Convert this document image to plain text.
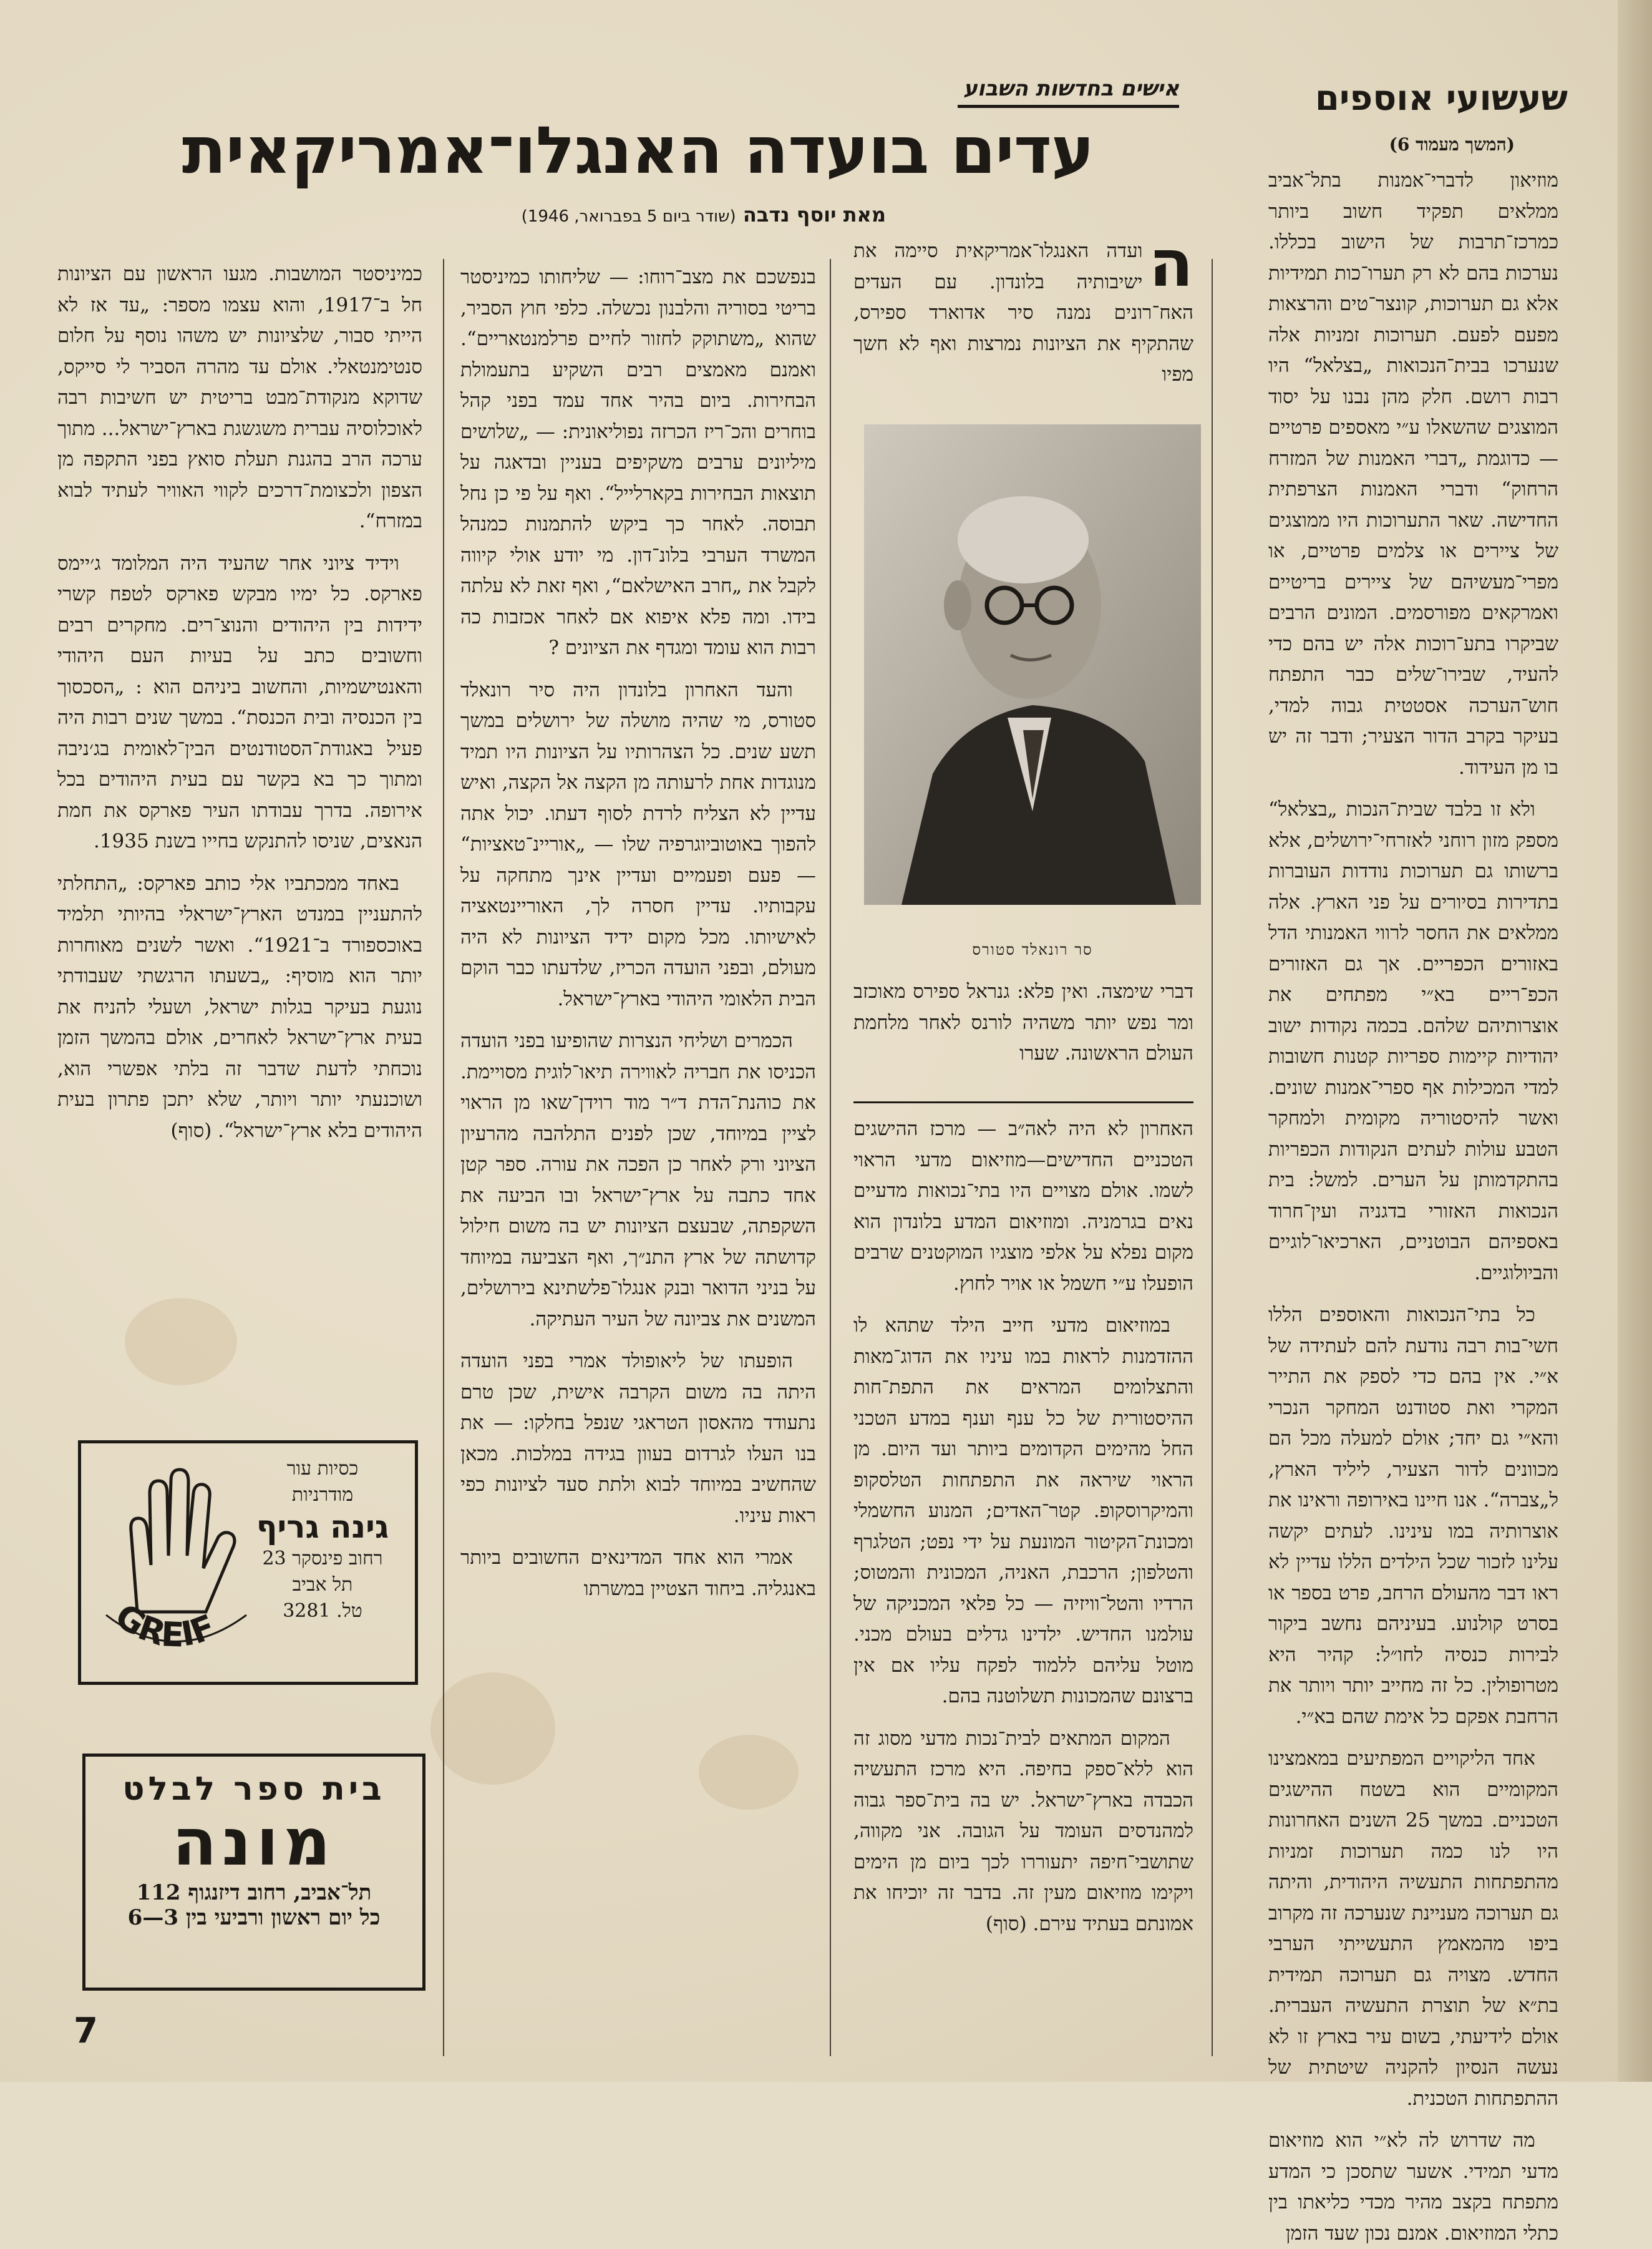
שעשועי אוספים
אישים בחדשות השבוע
עדים בועדה האנגלו־אמריקאית
מאת יוסף נדבה (שודר ביום 5 בפברואר, 1946)
(המשך מעמוד 6)

מוזיאון לדברי־אמנות בתל־אביב ממלאים תפקיד חשוב ביותר כמרכז־תרבות של הישוב בכללו. נערכות בהם לא רק תערו־כות תמידיות אלא גם תערוכות, קונצר־טים והרצאות מפעם לפעם. תערוכות זמניות אלה שנערכו בבית־הנכואות „בצלאל“ היו רבות רושם. חלק מהן נבנו על יסוד המוצגים שהשאלו ע״י מאספים פרטיים — כדוגמת „דברי האמנות של המזרח הרחוק“ ודברי האמנות הצרפתית החדישה. שאר התערוכות היו ממוצגים של ציירים או צלמים פרטיים, או מפרי־מעשיהם של ציירים בריטיים ואמרקאים מפורסמים. המונים הרבים שביקרו בתע־רוכות אלה יש בהם כדי להעיד, שבירו־שלים כבר התפתח חוש־הערכה אסטטית גבוה למדי, בעיקר בקרב הדור הצעיר; ודבר זה יש בו מן העידוד.

ולא זו בלבד שבית־הנכות „בצלאל“ מספק מזון רוחני לאזרחי־ירושלים, אלא ברשותו גם תערוכות נודדות העוברות בתדירות בסיורים על פני הארץ. אלה ממלאים את החסר לרווי האמנותי הדל באזורים הכפריים. אך גם האזורים הכפ־ריים בא״י מפתחים את אוצרותיהם שלהם. בכמה נקודות ישוב יהודיות קיימות ספריות קטנות חשובות למדי המכילות אף ספרי־אמנות שונים. ואשר להיסטוריה מקומית ולמחקר הטבע עולות לעתים הנקודות הכפריות בהתקדמותן על הערים. למשל: בית הנכואות האזורי בדגניה ועין־חרוד באספיהם הבוטניים, הארכיאו־לוגיים והביולוגיים.

כל בתי־הנכואות והאוספים הללו חשי־בות רבה נודעת להם לעתידה של א״י. אין בהם כדי לספק את התייר המקרי ואת סטודנט המחקר הנכרי והא״י גם יחד; אולם למעלה מכל הם מכוונים לדור הצעיר, ליליד הארץ, ל„צברה“. אנו חיינו באירופה וראינו את אוצרותיה במו עינינו. לעתים יקשה עלינו לזכור שכל הילדים הללו עדיין לא ראו דבר מהעולם הרחב, פרט בספר או בסרט קולנוע. בעיניהם נחשב ביקור לבירות כנסיה לחו״ל: קהיר היא מטרופולין. כל זה מחייב יותר ויותר את הרחבת אפקם כל אימת שהם בא״י.

אחד הליקויים המפתיעים במאמצינו המקומיים הוא בשטח ההישגים הטכניים. במשך 25 השנים האחרונות היו לנו כמה תערוכות זמניות מהתפתחות התעשיה היהודית, והיתה גם תערוכה מעניינת שנערכה זה מקרוב ביפו מהמאמץ התעשייתי הערבי החדש. מצויה גם תערוכה תמידית בת״א של תוצרת התעשיה העברית. אולם לידיעתי, בשום עיר בארץ זו לא נעשה הנסיון להקניה שיטתית של ההתפתחות הטכנית.

מה שדרוש לה לא״י הוא מוזיאום מדעי תמידי. אשער שתסכן כי המדע מתפתח בקצב מהיר מכדי כליאתו בין כתלי המוזיאום. אמנם נכון שעד הזמן

ה
ועדה האנגלו־אמריקאית סיימה את ישיבותיה בלונדון. עם העדים האח־רונים נמנה סיר אדוארד ספירס, שהתקיף את הציונות נמרצות ואף לא חשך מפיו

סר רונאלד סטורס

דברי שימצה. ואין פלא: גנראל ספירס מאוכזב ומר נפש יותר משהיה לורנס לאחר מלחמת העולם הראשונה. שערו

האחרון לא היה לאה״ב — מרכז ההישגים הטכניים החדישים—מוזיאום מדעי הראוי לשמו. אולם מצויים היו בתי־נכואות מדעיים נאים בגרמניה. ומוזיאום המדע בלונדון הוא מקום נפלא על אלפי מוצגיו המוקטנים שרבים הופעלו ע״י חשמל או אויר לחוץ.

במוזיאום מדעי חייב הילד שתהא לו ההזדמנות לראות במו עיניו את הדוג־מאות והתצלומים המראים את התפת־חות ההיסטורית של כל ענף וענף במדע הטכני החל מהימים הקדומים ביותר ועד היום. מן הראוי שיראה את התפתחות הטלסקופ והמיקרוסקופ. קטר־האדים; המנוע החשמלי ומכונת־הקיטור המונעת על ידי נפט; הטלגרף והטלפון; הרכבת, האניה, המכונית והמטוס; הרדיו והטל־וויזיה — כל פלאי המכניקה של עולמנו החדיש. ילדינו גדלים בעולם מכני. מוטל עליהם ללמוד לפקח עליו אם אין ברצונם שהמכונות תשלוטנה בהם.

המקום המתאים לבית־נכות מדעי מסוג זה הוא ללא־ספק בחיפה. היא מרכז התעשיה הכבדה בארץ־ישראל. יש בה בית־ספר גבוה למהנדסים העומד על הגובה. אני מקווה, שתושבי־חיפה יתעוררו לכך ביום מן הימים ויקימו מוזיאום מעין זה. בדבר זה יוכיחו את אמונתם בעתיד עירם. (סוף)

בנפשכם את מצב־רוחו: — שליחותו כמיניסטר בריטי בסוריה והלבנון נכשלה. כלפי חוץ הסביר, שהוא „משתוקק לחזור לחיים פרלמנטאריים“. ואמנם מאמצים רבים השקיע בתעמולת הבחירות. ביום בהיר אחד עמד בפני קהל בוחרים והכ־ריז הכרזה נפוליאונית: — „שלושים מיליונים ערבים משקיפים בעניין ובדאגה על תוצאות הבחירות בקארלייל“. ואף על פי כן נחל תבוסה. לאחר כך ביקש להתמנות כמנהל המשרד הערבי בלונ־דון. מי יודע אולי קיווה לקבל את „חרב האישלאם“, ואף זאת לא עלתה בידו. ומה פלא איפוא אם לאחר אכזבות כה רבות הוא עומד ומגדף את הציונים ?

והעד האחרון בלונדון היה סיר רונאלד סטורס, מי שהיה מושלה של ירושלים במשך תשע שנים. כל הצהרותיו על הציונות היו תמיד מנוגדות אחת לרעותה מן הקצה אל הקצה, ואיש עדיין לא הצליח לרדת לסוף דעתו. יכול אתה להפוך באוטוביוגרפיה שלו — „אוריינ־טאציות“ — פעם ופעמיים ועדיין אינך מתחקה על עקבותיו. עדיין חסרה לך, האוריינטאציה לאישיותו. מכל מקום ידיד הציונות לא היה מעולם, ובפני הועדה הכריז, שלדעתו כבר הוקם הבית הלאומי היהודי בארץ־ישראל.

הכמרים ושליחי הנצרות שהופיעו בפני הועדה הכניסו את חבריה לאווירה תיאו־לוגית מסויימת. את כוהנת־הדת ד״ר מוד רוידן־שאו מן הראוי לציין במיוחד, שכן לפנים התלהבה מהרעיון הציוני ורק לאחר כן הפכה את עורה. ספר קטן אחד כתבה על ארץ־ישראל ובו הביעה את השקפתה, שבעצם הציונות יש בה משום חילול קדושתה של ארץ התנ״ך, ואף הצביעה במיוחד על בניני הדואר ובנק אנגלו־פלשתינא בירושלים, המשנים את צביונה של העיר העתיקה.

הופעתו של ליאופולד אמרי בפני הועדה היתה בה משום הקרבה אישית, שכן טרם נתעודד מהאסון הטראגי שנפל בחלקו: — את בנו העלו לגרדום בעוון בגידה במלכות. מכאן שהחשיב במיוחד לבוא ולתת סעד לציונות כפי ראות עיניו.

אמרי הוא אחד המדינאים החשובים ביותר באנגליה. ביחוד הצטיין במשרתו

כמיניסטר המושבות. מגעו הראשון עם הציונות חל ב־1917, והוא עצמו מספר: „עד אז לא הייתי סבור, שלציונות יש משהו נוסף על חלום סנטימנטאלי. אולם עד מהרה הסביר לי סייקס, שדוקא מנקודת־מבט בריטית יש חשיבות רבה לאוכלוסיה עברית משגשגת בארץ־ישראל... מתוך ערכה הרב בהגנת תעלת סואץ בפני התקפה מן הצפון ולכצומת־דרכים לקווי האוויר לעתיד לבוא במזרח“.

וידיד ציוני אחר שהעיד היה המלומד ג׳יימס פארקס. כל ימיו מבקש פארקס לטפח קשרי ידידות בין היהודים והנוצ־רים. מחקרים רבים וחשובים כתב על בעיות העם היהודי והאנטישמיות, והחשוב ביניהם הוא : „הסכסוך בין הכנסיה ובית הכנסת“. במשך שנים רבות היה פעיל באגודת־הסטודנטים הבין־לאומית בג׳ניבה ומתוך כך בא בקשר עם בעית היהודים בכל אירופה. בדרך עבודתו העיר פארקס את חמת הנאצים, שניסו להתנקש בחייו בשנת 1935.

באחד ממכתביו אלי כותב פארקס: „התחלתי להתעניין במנדט הארץ־ישראלי בהיותי תלמיד באוכספורד ב־1921“. ואשר לשנים מאוחרות יותר הוא מוסיף: „בשעתו הרגשתי שעבודתי נוגעת בעיקר בגלות ישראל, ושעלי להניח את בעית ארץ־ישראל לאחרים, אולם בהמשך הזמן נוכחתי לדעת שדבר זה בלתי אפשרי הוא, ושוכנעתי יותר ויותר, שלא יתכן פתרון בעית היהודים בלא ארץ־ישראל“. (סוף)

כסיות עור
מודרניות
גינה גריף
רחוב פינסקר 23
תל אביב
טל. 3281
GREIF
בית ספר לבלט
מונה
תל־אביב, רחוב דיזנגוף 112
כל יום ראשון ורביעי בין 3—6
7
